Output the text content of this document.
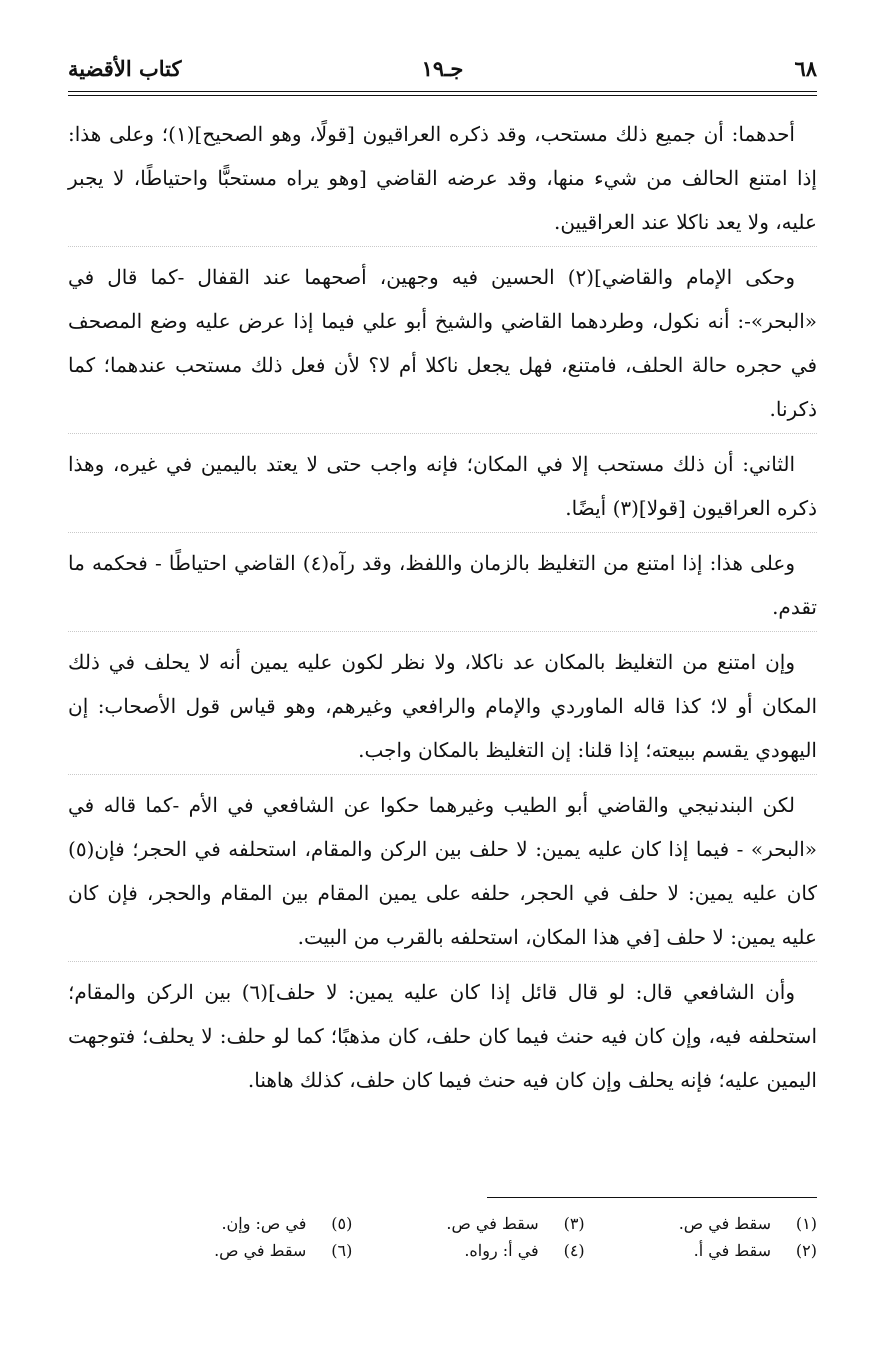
٦٨
جـ١٩
كتاب الأقضية

أحدهما: أن جميع ذلك مستحب، وقد ذكره العراقيون [قولًا، وهو الصحيح](١)؛ وعلى هذا: إذا امتنع الحالف من شيء منها، وقد عرضه القاضي [وهو يراه مستحبًّا واحتياطًا، لا يجبر عليه، ولا يعد ناكلا عند العراقيين.

وحكى الإمام والقاضي](٢) الحسين فيه وجهين، أصحهما عند القفال -كما قال في «البحر»-: أنه نكول، وطردهما القاضي والشيخ أبو علي فيما إذا عرض عليه وضع المصحف في حجره حالة الحلف، فامتنع، فهل يجعل ناكلا أم لا؟ لأن فعل ذلك مستحب عندهما؛ كما ذكرنا.

الثاني: أن ذلك مستحب إلا في المكان؛ فإنه واجب حتى لا يعتد باليمين في غيره، وهذا ذكره العراقيون [قولا](٣) أيضًا.

وعلى هذا: إذا امتنع من التغليظ بالزمان واللفظ، وقد رآه(٤) القاضي احتياطًا - فحكمه ما تقدم.

وإن امتنع من التغليظ بالمكان عد ناكلا، ولا نظر لكون عليه يمين أنه لا يحلف في ذلك المكان أو لا؛ كذا قاله الماوردي والإمام والرافعي وغيرهم، وهو قياس قول الأصحاب: إن اليهودي يقسم ببيعته؛ إذا قلنا: إن التغليظ بالمكان واجب.

لكن البندنيجي والقاضي أبو الطيب وغيرهما حكوا عن الشافعي في الأم -كما قاله في «البحر» - فيما إذا كان عليه يمين: لا حلف بين الركن والمقام، استحلفه في الحجر؛ فإن(٥) كان عليه يمين: لا حلف في الحجر، حلفه على يمين المقام بين المقام والحجر، فإن كان عليه يمين: لا حلف [في هذا المكان، استحلفه بالقرب من البيت.

وأن الشافعي قال: لو قال قائل إذا كان عليه يمين: لا حلف](٦) بين الركن والمقام؛ استحلفه فيه، وإن كان فيه حنث فيما كان حلف، كان مذهبًا؛ كما لو حلف: لا يحلف؛ فتوجهت اليمين عليه؛ فإنه يحلف وإن كان فيه حنث فيما كان حلف، كذلك هاهنا.

(١)سقط في ص.
(٣)سقط في ص.
(٥)في ص: وإن.
(٢)سقط في أ.
(٤)في أ: رواه.
(٦)سقط في ص.
